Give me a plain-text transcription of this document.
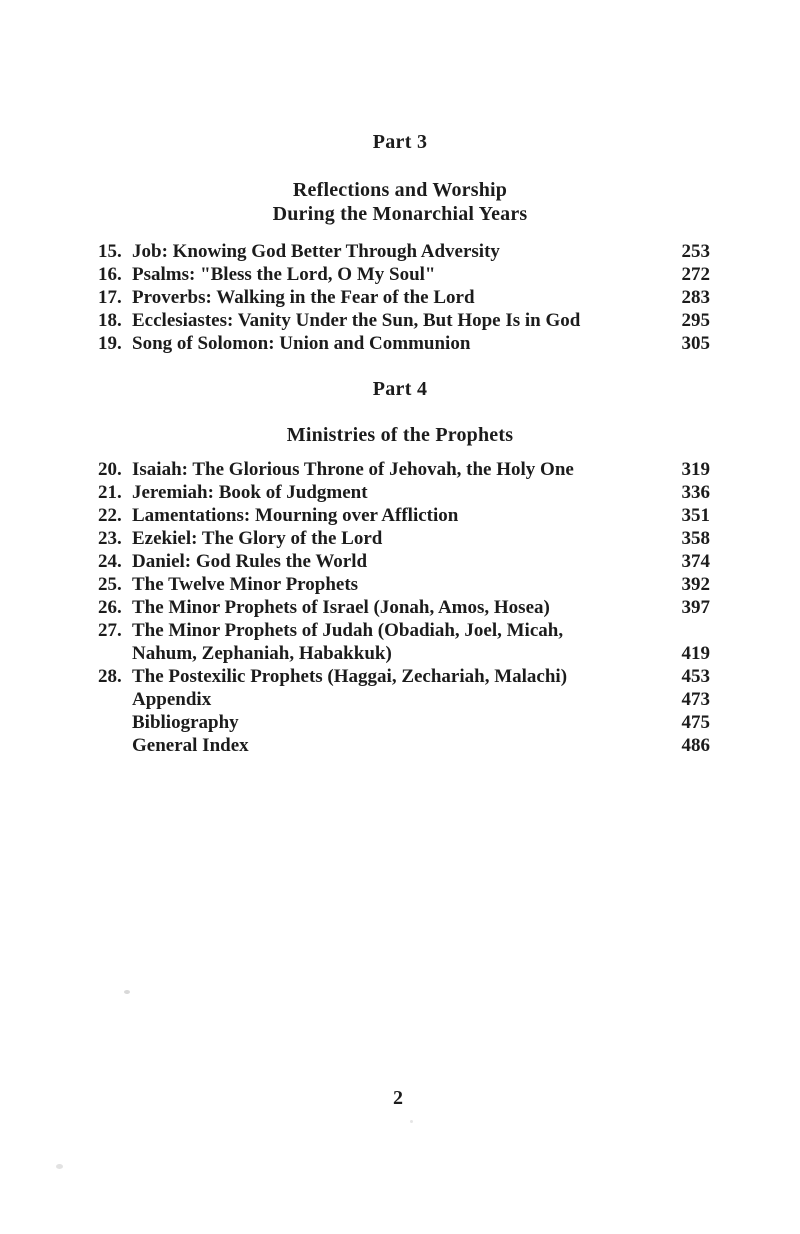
Part 3
Reflections and Worship
During the Monarchial Years
15. Job: Knowing God Better Through Adversity	253
16. Psalms: "Bless the Lord, O My Soul"	272
17. Proverbs: Walking in the Fear of the Lord	283
18. Ecclesiastes: Vanity Under the Sun, But Hope Is in God	295
19. Song of Solomon: Union and Communion	305
Part 4
Ministries of the Prophets
20. Isaiah: The Glorious Throne of Jehovah, the Holy One	319
21. Jeremiah: Book of Judgment	336
22. Lamentations: Mourning over Affliction	351
23. Ezekiel: The Glory of the Lord	358
24. Daniel: God Rules the World	374
25. The Twelve Minor Prophets	392
26. The Minor Prophets of Israel (Jonah, Amos, Hosea)	397
27. The Minor Prophets of Judah (Obadiah, Joel, Micah,
Nahum, Zephaniah, Habakkuk)	419
28. The Postexilic Prophets (Haggai, Zechariah, Malachi)	453
Appendix	473
Bibliography	475
General Index	486
2
